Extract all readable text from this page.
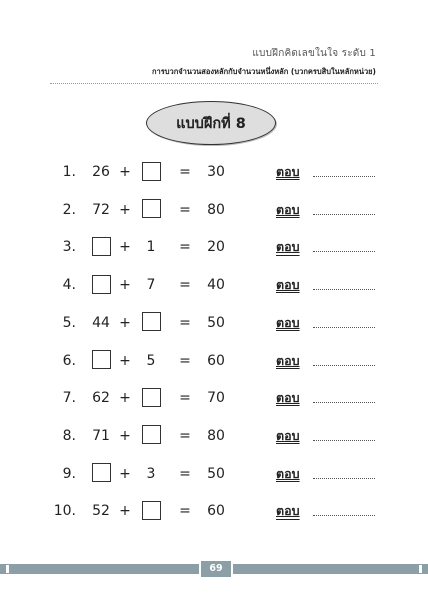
แบบฝึกคิดเลขในใจ ระดับ 1
การบวกจำนวนสองหลักกับจำนวนหนึ่งหลัก (บวกครบสิบในหลักหน่วย)
แบบฝึกที่ 8
1. 26 +	= 30	ตอบ
2. 72 +	= 80	ตอบ
3.	+	1	= 20	ตอบ
4.	+	7	= 40	ตอบ
5. 44 +	= 50	ตอบ
6.	+	5	= 60	ตอบ
7. 62 +	= 70	ตอบ
8. 71 +	= 80	ตอบ
9.	+	3	= 50	ตอบ
10. 52 +	= 60	ตอบ
69
